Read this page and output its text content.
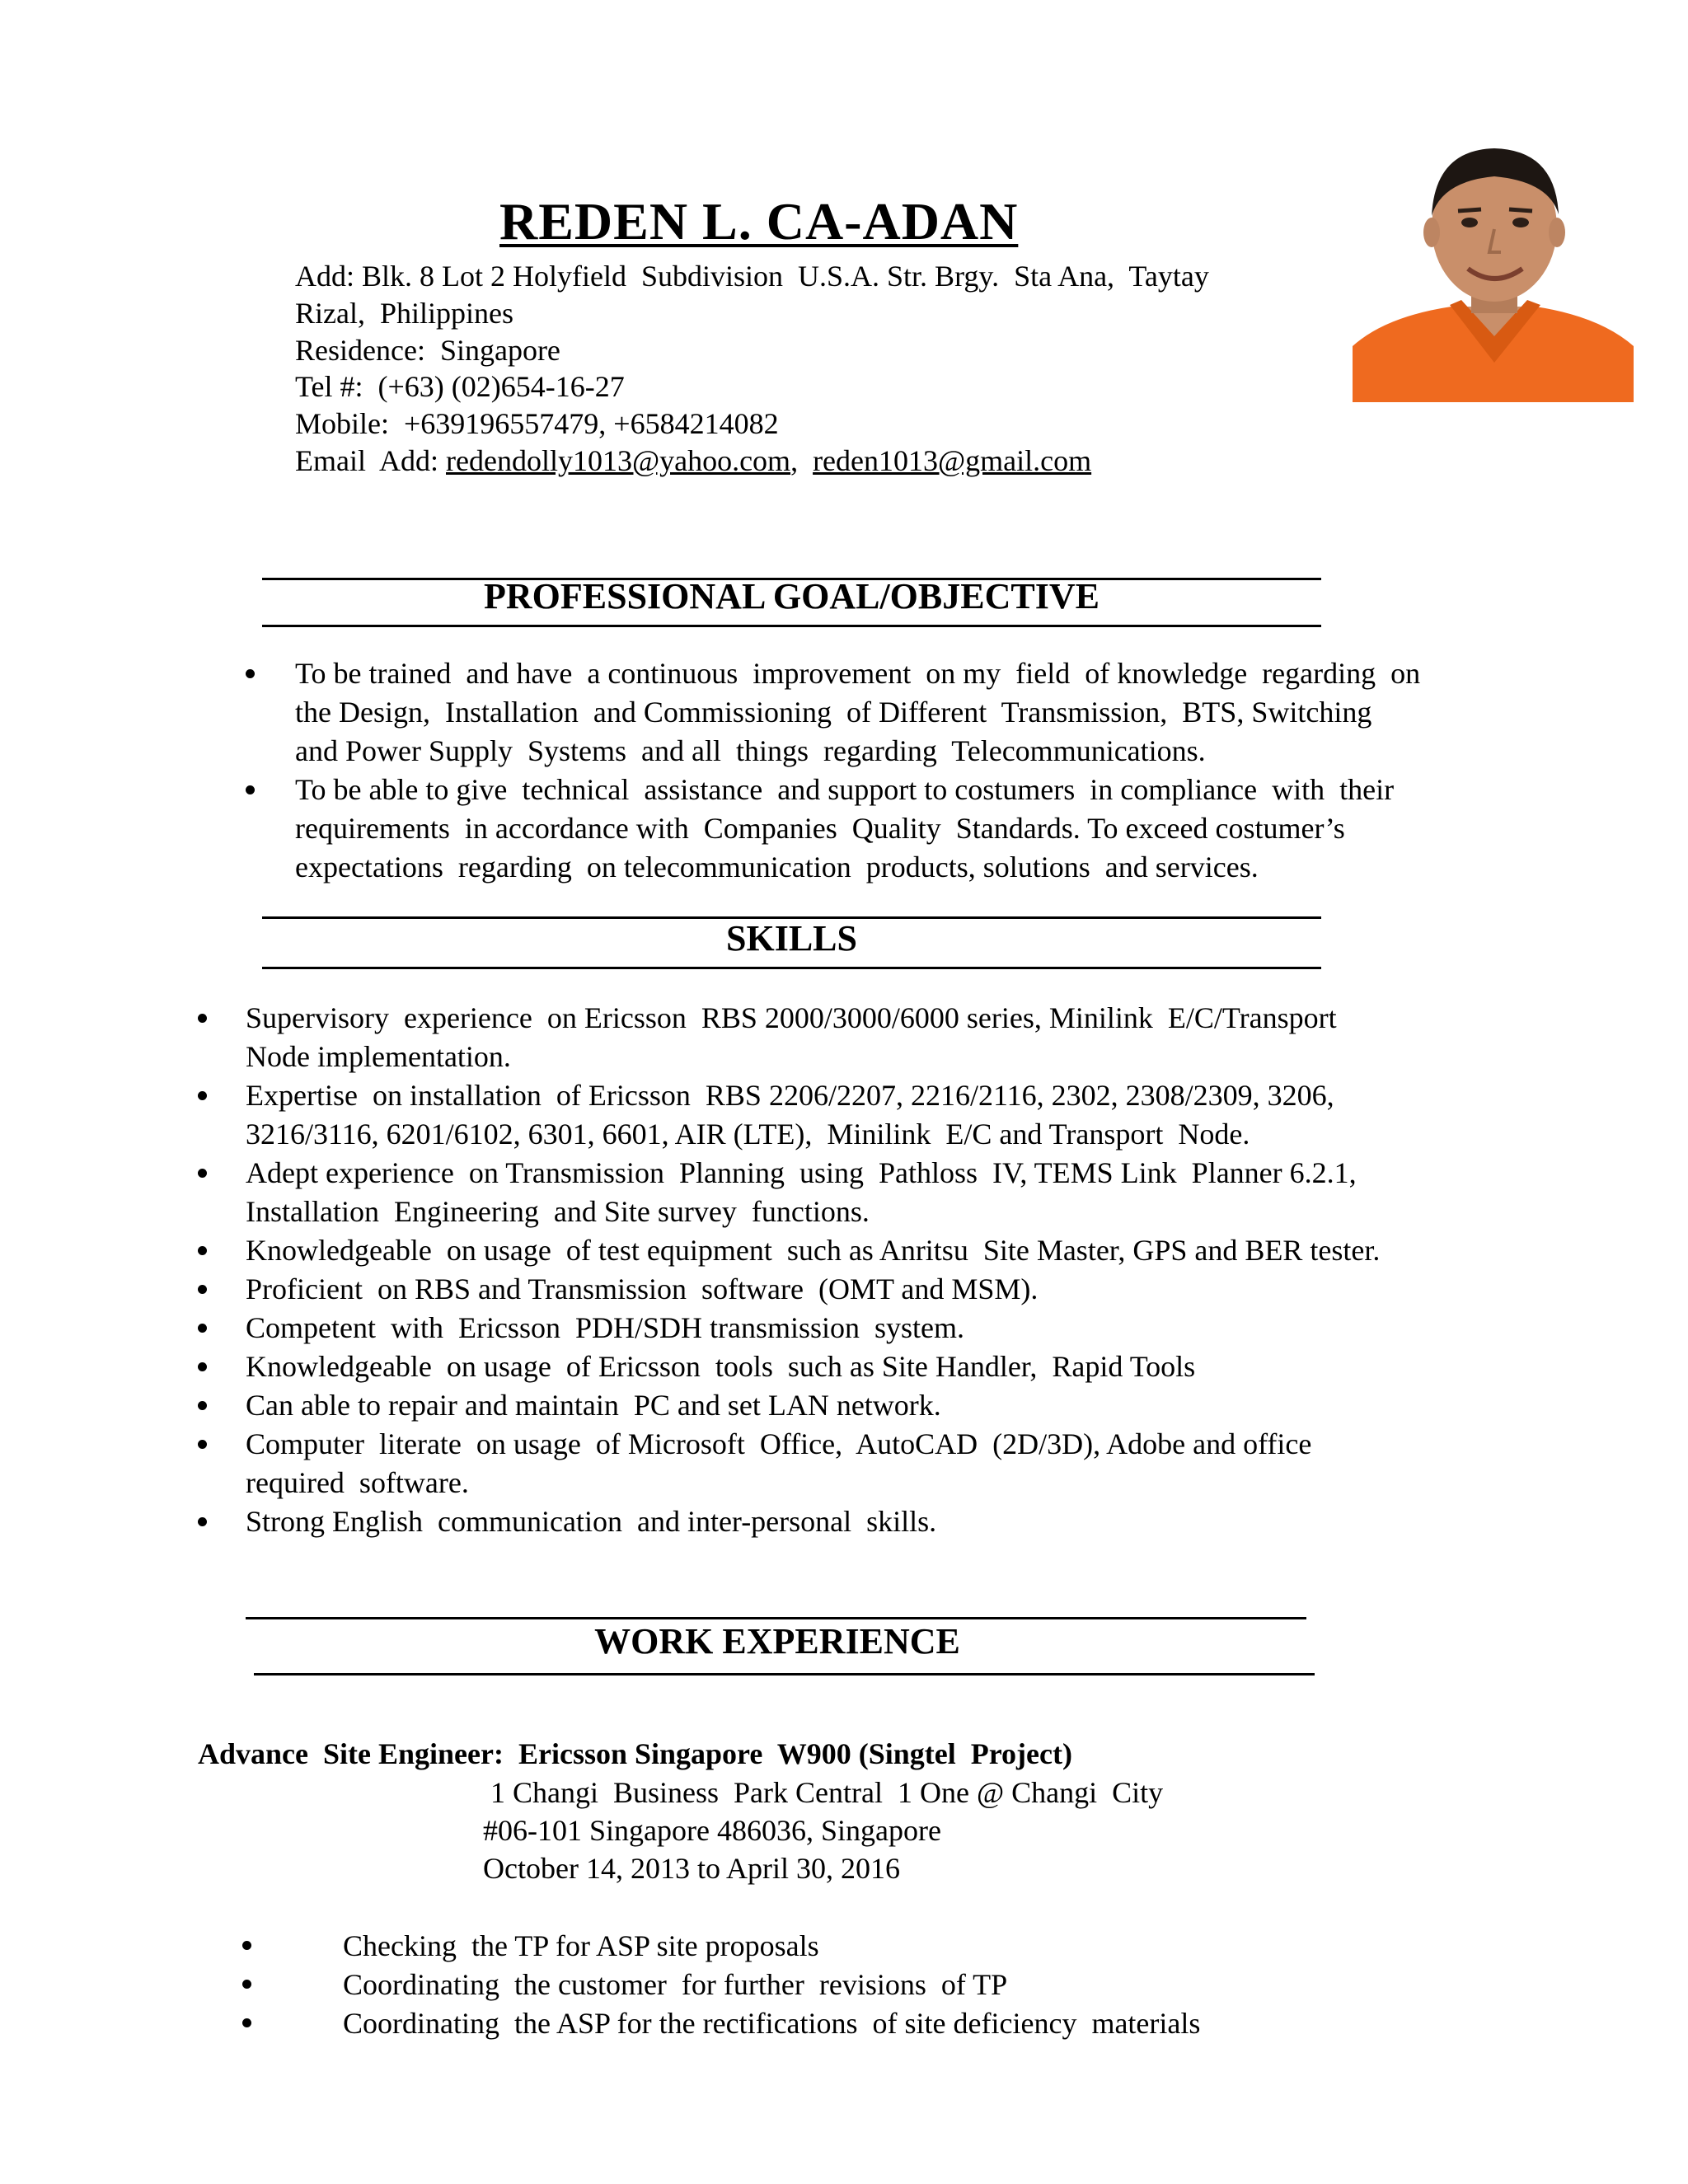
REDEN L. CA-ADAN
Add: Blk. 8 Lot 2 Holyfield  Subdivision  U.S.A. Str. Brgy.  Sta Ana,  Taytay
Rizal,  Philippines
Residence:  Singapore
Tel #:  (+63) (02)654-16-27
Mobile:  +639196557479, +6584214082
Email  Add: redendolly1013@yahoo.com,  reden1013@gmail.com
PROFESSIONAL GOAL/OBJECTIVE
To be trained  and have  a continuous  improvement  on my  field  of knowledge  regarding  on
the Design,  Installation  and Commissioning  of Different  Transmission,  BTS, Switching
and Power Supply  Systems  and all  things  regarding  Telecommunications.
To be able to give  technical  assistance  and support to costumers  in compliance  with  their
requirements  in accordance with  Companies  Quality  Standards. To exceed costumer’s
expectations  regarding  on telecommunication  products, solutions  and services.
SKILLS
Supervisory  experience  on Ericsson  RBS 2000/3000/6000 series, Minilink  E/C/Transport
Node implementation.
Expertise  on installation  of Ericsson  RBS 2206/2207, 2216/2116, 2302, 2308/2309, 3206,
3216/3116, 6201/6102, 6301, 6601, AIR (LTE),  Minilink  E/C and Transport  Node.
Adept experience  on Transmission  Planning  using  Pathloss  IV, TEMS Link  Planner 6.2.1,
Installation  Engineering  and Site survey  functions.
Knowledgeable  on usage  of test equipment  such as Anritsu  Site Master, GPS and BER tester.
Proficient  on RBS and Transmission  software  (OMT and MSM).
Competent  with  Ericsson  PDH/SDH transmission  system.
Knowledgeable  on usage  of Ericsson  tools  such as Site Handler,  Rapid Tools
Can able to repair and maintain  PC and set LAN network.
Computer  literate  on usage  of Microsoft  Office,  AutoCAD  (2D/3D), Adobe and office
required  software.
Strong English  communication  and inter-personal  skills.
WORK EXPERIENCE
Advance  Site Engineer:  Ericsson Singapore  W900 (Singtel  Project)
1 Changi  Business  Park Central  1 One @ Changi  City
#06-101 Singapore 486036, Singapore
October 14, 2013 to April 30, 2016
Checking  the TP for ASP site proposals
Coordinating  the customer  for further  revisions  of TP
Coordinating  the ASP for the rectifications  of site deficiency  materials
